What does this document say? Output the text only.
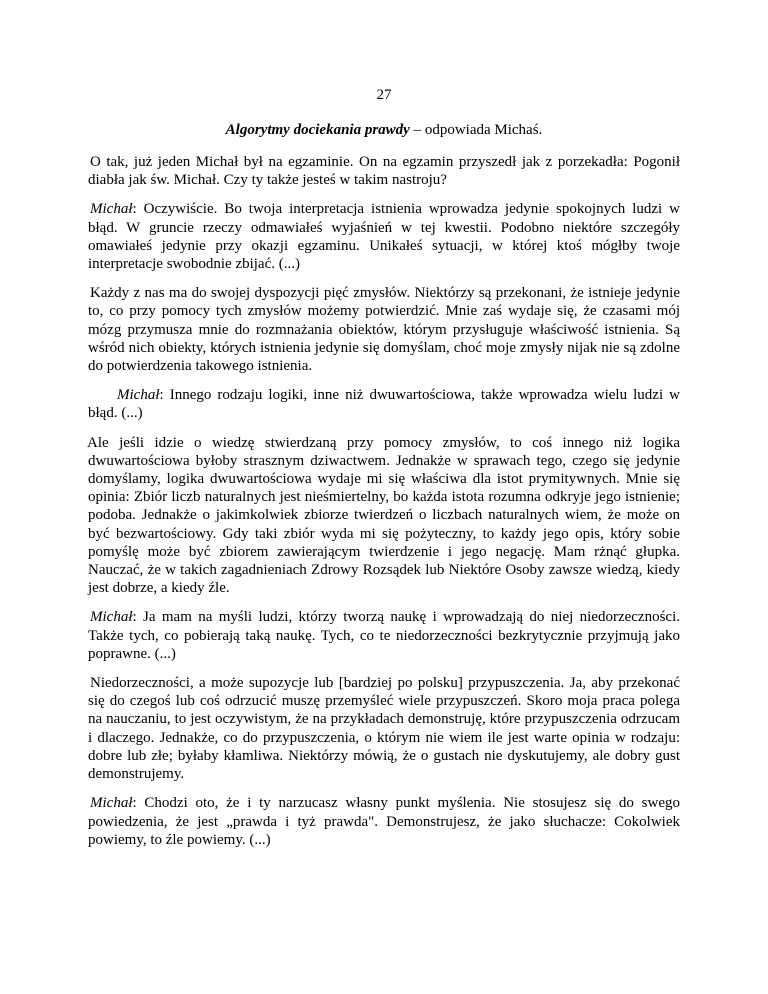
27
Algorytmy dociekania prawdy – odpowiada Michaś.

O tak, już jeden Michał był na egzaminie. On na egzamin przyszedł jak z porzekadła: Pogonił diabła jak św. Michał. Czy ty także jesteś w takim nastroju?

Michał: Oczywiście. Bo twoja interpretacja istnienia wprowadza jedynie spokojnych ludzi w błąd. W gruncie rzeczy odmawiałeś wyjaśnień w tej kwestii. Podobno niektóre szczegóły omawiałeś jedynie przy okazji egzaminu. Unikałeś sytuacji, w której ktoś mógłby twoje interpretacje swobodnie zbijać. (...)

Każdy z nas ma do swojej dyspozycji pięć zmysłów. Niektórzy są przekonani, że istnieje jedynie to, co przy pomocy tych zmysłów możemy potwierdzić. Mnie zaś wydaje się, że czasami mój mózg przymusza mnie do rozmnażania obiektów, którym przysługuje właściwość istnienia. Są wśród nich obiekty, których istnienia jedynie się domyślam, choć moje zmysły nijak nie są zdolne do potwierdzenia takowego istnienia.

Michał: Innego rodzaju logiki, inne niż dwuwartościowa, także wprowadza wielu ludzi w błąd. (...)

Ale jeśli idzie o wiedzę stwierdzaną przy pomocy zmysłów, to coś innego niż logika dwuwartościowa byłoby strasznym dziwactwem. Jednakże w sprawach tego, czego się jedynie domyślamy, logika dwuwartościowa wydaje mi się właściwa dla istot prymitywnych. Mnie się opinia: Zbiór liczb naturalnych jest nieśmiertelny, bo każda istota rozumna odkryje jego istnienie; podoba. Jednakże o jakimkolwiek zbiorze twierdzeń o liczbach naturalnych wiem, że może on być bezwartościowy. Gdy taki zbiór wyda mi się pożyteczny, to każdy jego opis, który sobie pomyślę może być zbiorem zawierającym twierdzenie i jego negację. Mam rżnąć głupka. Nauczać, że w takich zagadnieniach Zdrowy Rozsądek lub Niektóre Osoby zawsze wiedzą, kiedy jest dobrze, a kiedy źle.

Michał: Ja mam na myśli ludzi, którzy tworzą naukę i wprowadzają do niej niedorzeczności. Także tych, co pobierają taką naukę. Tych, co te niedorzeczności bezkrytycznie przyjmują jako poprawne. (...)

Niedorzeczności, a może supozycje lub [bardziej po polsku] przypuszczenia. Ja, aby przekonać się do czegoś lub coś odrzucić muszę przemyśleć wiele przypuszczeń. Skoro moja praca polega na nauczaniu, to jest oczywistym, że na przykładach demonstruję, które przypuszczenia odrzucam i dlaczego. Jednakże, co do przypuszczenia, o którym nie wiem ile jest warte opinia w rodzaju: dobre lub złe; byłaby kłamliwa. Niektórzy mówią, że o gustach nie dyskutujemy, ale dobry gust demonstrujemy.

Michał: Chodzi oto, że i ty narzucasz własny punkt myślenia. Nie stosujesz się do swego powiedzenia, że jest „prawda i tyż prawda". Demonstrujesz, że jako słuchacze: Cokolwiek powiemy, to źle powiemy. (...)
